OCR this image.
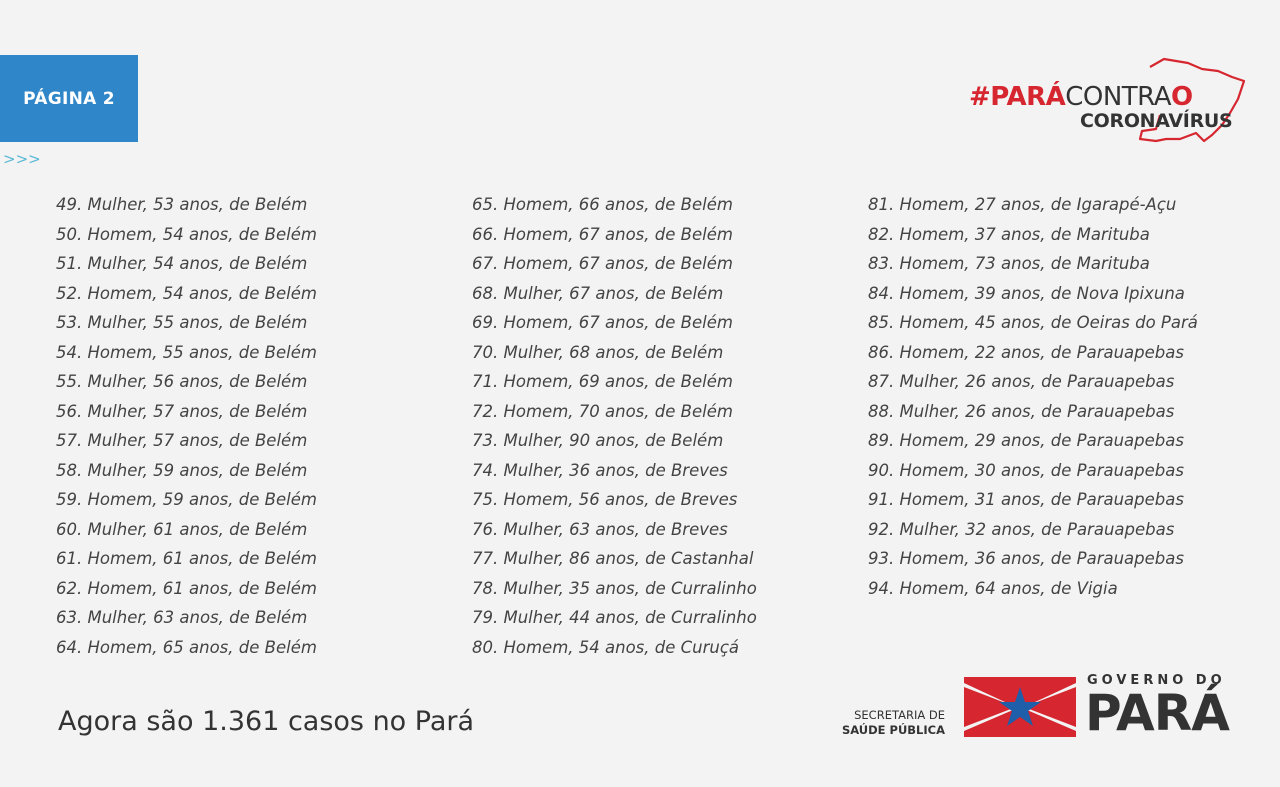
PÁGINA 2
>>>
#PARÁCONTRAO
CORONAVÍRUS
49. Mulher, 53 anos, de Belém
50. Homem, 54 anos, de Belém
51. Mulher, 54 anos, de Belém
52. Homem, 54 anos, de Belém
53. Mulher, 55 anos, de Belém
54. Homem, 55 anos, de Belém
55. Mulher, 56 anos, de Belém
56. Mulher, 57 anos, de Belém
57. Mulher, 57 anos, de Belém
58. Mulher, 59 anos, de Belém
59. Homem, 59 anos, de Belém
60. Mulher, 61 anos, de Belém
61. Homem, 61 anos, de Belém
62. Homem, 61 anos, de Belém
63. Mulher, 63 anos, de Belém
64. Homem, 65 anos, de Belém
65. Homem, 66 anos, de Belém
66. Homem, 67 anos, de Belém
67. Homem, 67 anos, de Belém
68. Mulher, 67 anos, de Belém
69. Homem, 67 anos, de Belém
70. Mulher, 68 anos, de Belém
71. Homem, 69 anos, de Belém
72. Homem, 70 anos, de Belém
73. Mulher, 90 anos, de Belém
74. Mulher, 36 anos, de Breves
75. Homem, 56 anos, de Breves
76. Mulher, 63 anos, de Breves
77. Mulher, 86 anos, de Castanhal
78. Mulher, 35 anos, de Curralinho
79. Mulher, 44 anos, de Curralinho
80. Homem, 54 anos, de Curuçá
81. Homem, 27 anos, de Igarapé-Açu
82. Homem, 37 anos, de Marituba
83. Homem, 73 anos, de Marituba
84. Homem, 39 anos, de Nova Ipixuna
85. Homem, 45 anos, de Oeiras do Pará
86. Homem, 22 anos, de Parauapebas
87. Mulher, 26 anos, de Parauapebas
88. Mulher, 26 anos, de Parauapebas
89. Homem, 29 anos, de Parauapebas
90. Homem, 30 anos, de Parauapebas
91. Homem, 31 anos, de Parauapebas
92. Mulher, 32 anos, de Parauapebas
93. Homem, 36 anos, de Parauapebas
94. Homem, 64 anos, de Vigia
Agora são 1.361 casos no Pará	SECRETARIA DE
SAÚDE PÚBLICA
GOVERNO DO
PARÁ
